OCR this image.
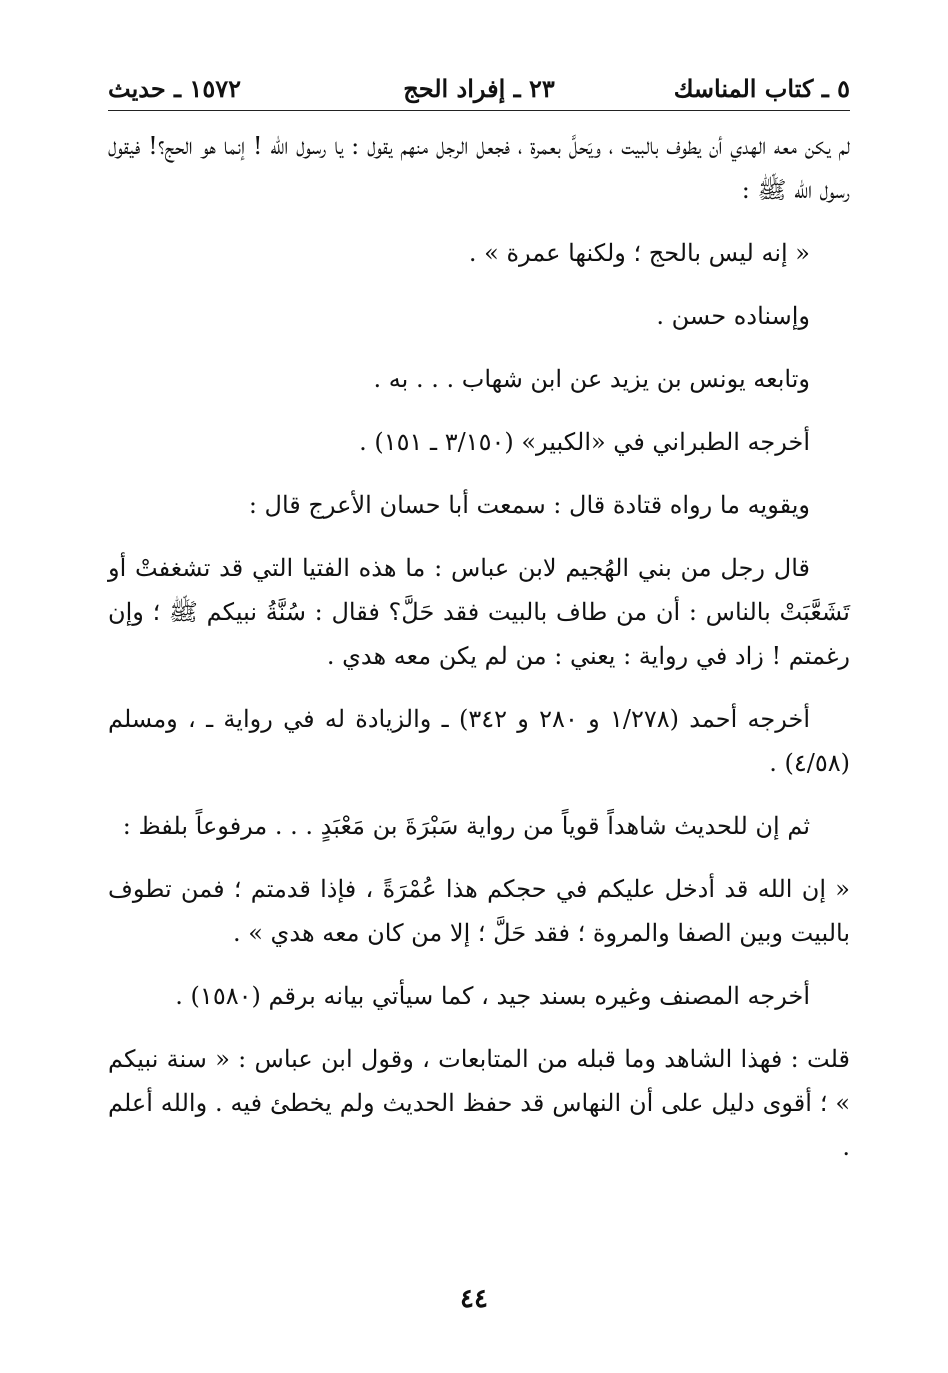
٥ ـ كتاب المناسك
٢٣ ـ إفراد الحج
١٥٧٢ ـ حديث

لم يكن معه الهدي أن يطوف بالبيت ، ويَحلَّ بعمرة ، فجعل الرجل منهم يقول : يا رسول الله ! إنما هو الحج؟! فيقول رسول الله ﷺ :

« إنه ليس بالحج ؛ ولكنها عمرة » .

وإسناده حسن .

وتابعه يونس بن يزيد عن ابن شهاب . . . به .

أخرجه الطبراني في «الكبير» (٣/١٥٠ ـ ١٥١) .

ويقويه ما رواه قتادة قال : سمعت أبا حسان الأعرج قال :

قال رجل من بني الهُجيم لابن عباس : ما هذه الفتيا التي قد تشغفتْ أو تَشَعَّبَتْ بالناس : أن من طاف بالبيت فقد حَلَّ؟ فقال : سُنَّةُ نبيكم ﷺ ؛ وإن رغمتم ! زاد في رواية : يعني : من لم يكن معه هدي .

أخرجه أحمد (١/٢٧٨ و ٢٨٠ و ٣٤٢) ـ والزيادة له في رواية ـ ، ومسلم (٤/٥٨) .

ثم إن للحديث شاهداً قوياً من رواية سَبْرَةَ بن مَعْبَدٍ . . . مرفوعاً بلفظ :

« إن الله قد أدخل عليكم في حجكم هذا عُمْرَةً ، فإذا قدمتم ؛ فمن تطوف بالبيت وبين الصفا والمروة ؛ فقد حَلَّ ؛ إلا من كان معه هدي » .

أخرجه المصنف وغيره بسند جيد ، كما سيأتي بيانه برقم (١٥٨٠) .

قلت : فهذا الشاهد وما قبله من المتابعات ، وقول ابن عباس : « سنة نبيكم » ؛ أقوى دليل على أن النهاس قد حفظ الحديث ولم يخطئ فيه . والله أعلم .

٤٤
